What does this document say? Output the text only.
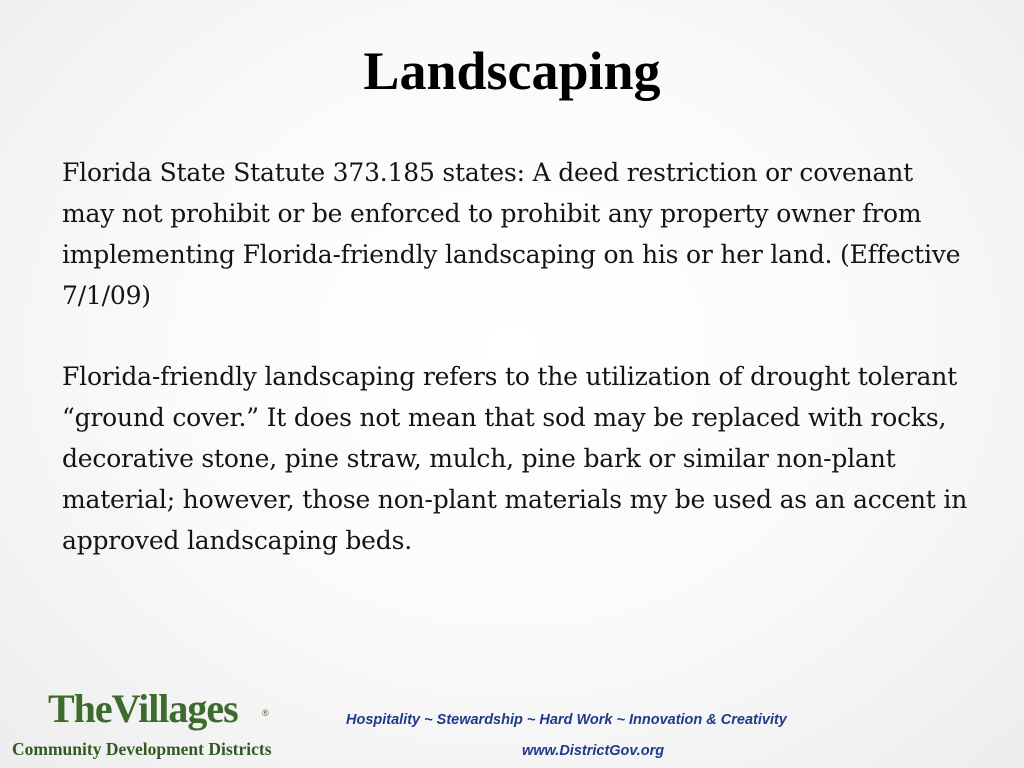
Landscaping

Florida State Statute 373.185 states: A deed restriction or covenant may not prohibit or be enforced to prohibit any property owner from implementing Florida-friendly landscaping on his or her land. (Effective 7/1/09)

Florida-friendly landscaping refers to the utilization of drought tolerant “ground cover.” It does not mean that sod may be replaced with rocks, decorative stone, pine straw, mulch, pine bark or similar non-plant material; however, those non-plant materials my be used as an accent in approved landscaping beds.

TheVillages	®
Community Development Districts
Hospitality ~ Stewardship ~ Hard Work ~ Innovation & Creativity
www.DistrictGov.org
